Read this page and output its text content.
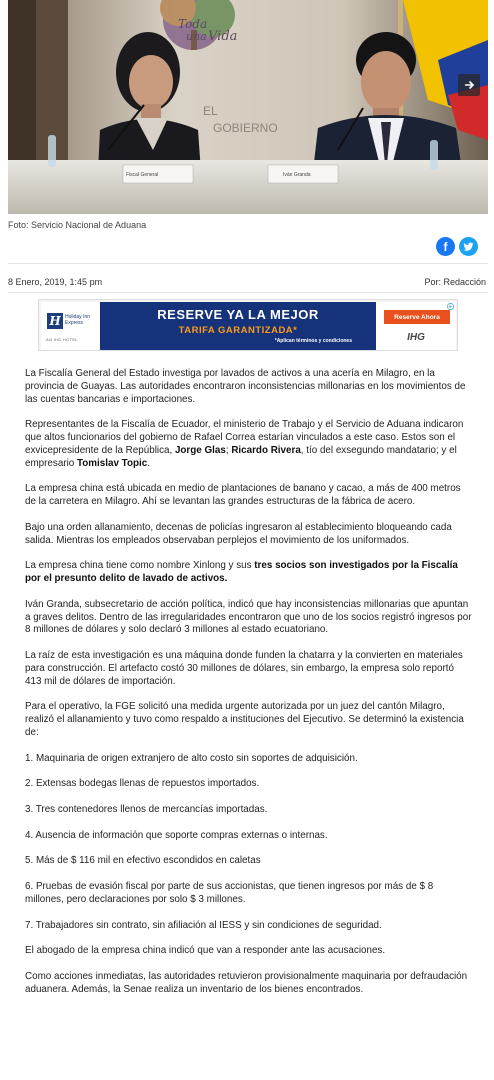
Toda
una Vida
EL
GOBIERNO
Fiscal General	Iván Granda
Foto: Servicio Nacional de Aduana
f
8 Enero, 2019, 1:45 pm	Por: Redacción
H Holiday Inn
Express
AN IHG HOTEL
RESERVE YA LA MEJOR
TARIFA GARANTIZADA*
*Aplican términos y condiciones
Reserve Ahora
IHG

La Fiscalía General del Estado investiga por lavados de activos a una acería en Milagro, en la provincia de Guayas. Las autoridades encontraron inconsistencias millonarias en los movimientos de las cuentas bancarias e importaciones.

Representantes de la Fiscalía de Ecuador, el ministerio de Trabajo y el Servicio de Aduana indicaron que altos funcionarios del gobierno de Rafael Correa estarían vinculados a este caso. Estos son el exvicepresidente de la República, Jorge Glas; Ricardo Rivera, tío del exsegundo mandatario; y el empresario Tomislav Topic.

La empresa china está ubicada en medio de plantaciones de banano y cacao, a más de 400 metros de la carretera en Milagro. Ahí se levantan las grandes estructuras de la fábrica de acero.

Bajo una orden allanamiento, decenas de policías ingresaron al establecimiento bloqueando cada salida. Mientras los empleados observaban perplejos el movimiento de los uniformados.

La empresa china tiene como nombre Xinlong y sus tres socios son investigados por la Fiscalía por el presunto delito de lavado de activos.

Iván Granda, subsecretario de acción política, indicó que hay inconsistencias millonarias que apuntan a graves delitos. Dentro de las irregularidades encontraron que uno de los socios registró ingresos por 8 millones de dólares y solo declaró 3 millones al estado ecuatoriano.

La raíz de esta investigación es una máquina donde funden la chatarra y la convierten en materiales para construcción. El artefacto costó 30 millones de dólares, sin embargo, la empresa solo reportó 413 mil de dólares de importación.

Para el operativo, la FGE solicitó una medida urgente autorizada por un juez del cantón Milagro, realizó el allanamiento y tuvo como respaldo a instituciones del Ejecutivo. Se determinó la existencia de:

1. Maquinaria de origen extranjero de alto costo sin soportes de adquisición.

2. Extensas bodegas llenas de repuestos importados.

3. Tres contenedores llenos de mercancías importadas.

4. Ausencia de información que soporte compras externas o internas.

5. Más de $ 116 mil en efectivo escondidos en caletas

6. Pruebas de evasión fiscal por parte de sus accionistas, que tienen ingresos por más de $ 8 millones, pero declaraciones por solo $ 3 millones.

7. Trabajadores sin contrato, sin afiliación al IESS y sin condiciones de seguridad.

El abogado de la empresa china indicó que van a responder ante las acusaciones.

Como acciones inmediatas, las autoridades retuvieron provisionalmente maquinaria por defraudación aduanera. Además, la Senae realiza un inventario de los bienes encontrados.
